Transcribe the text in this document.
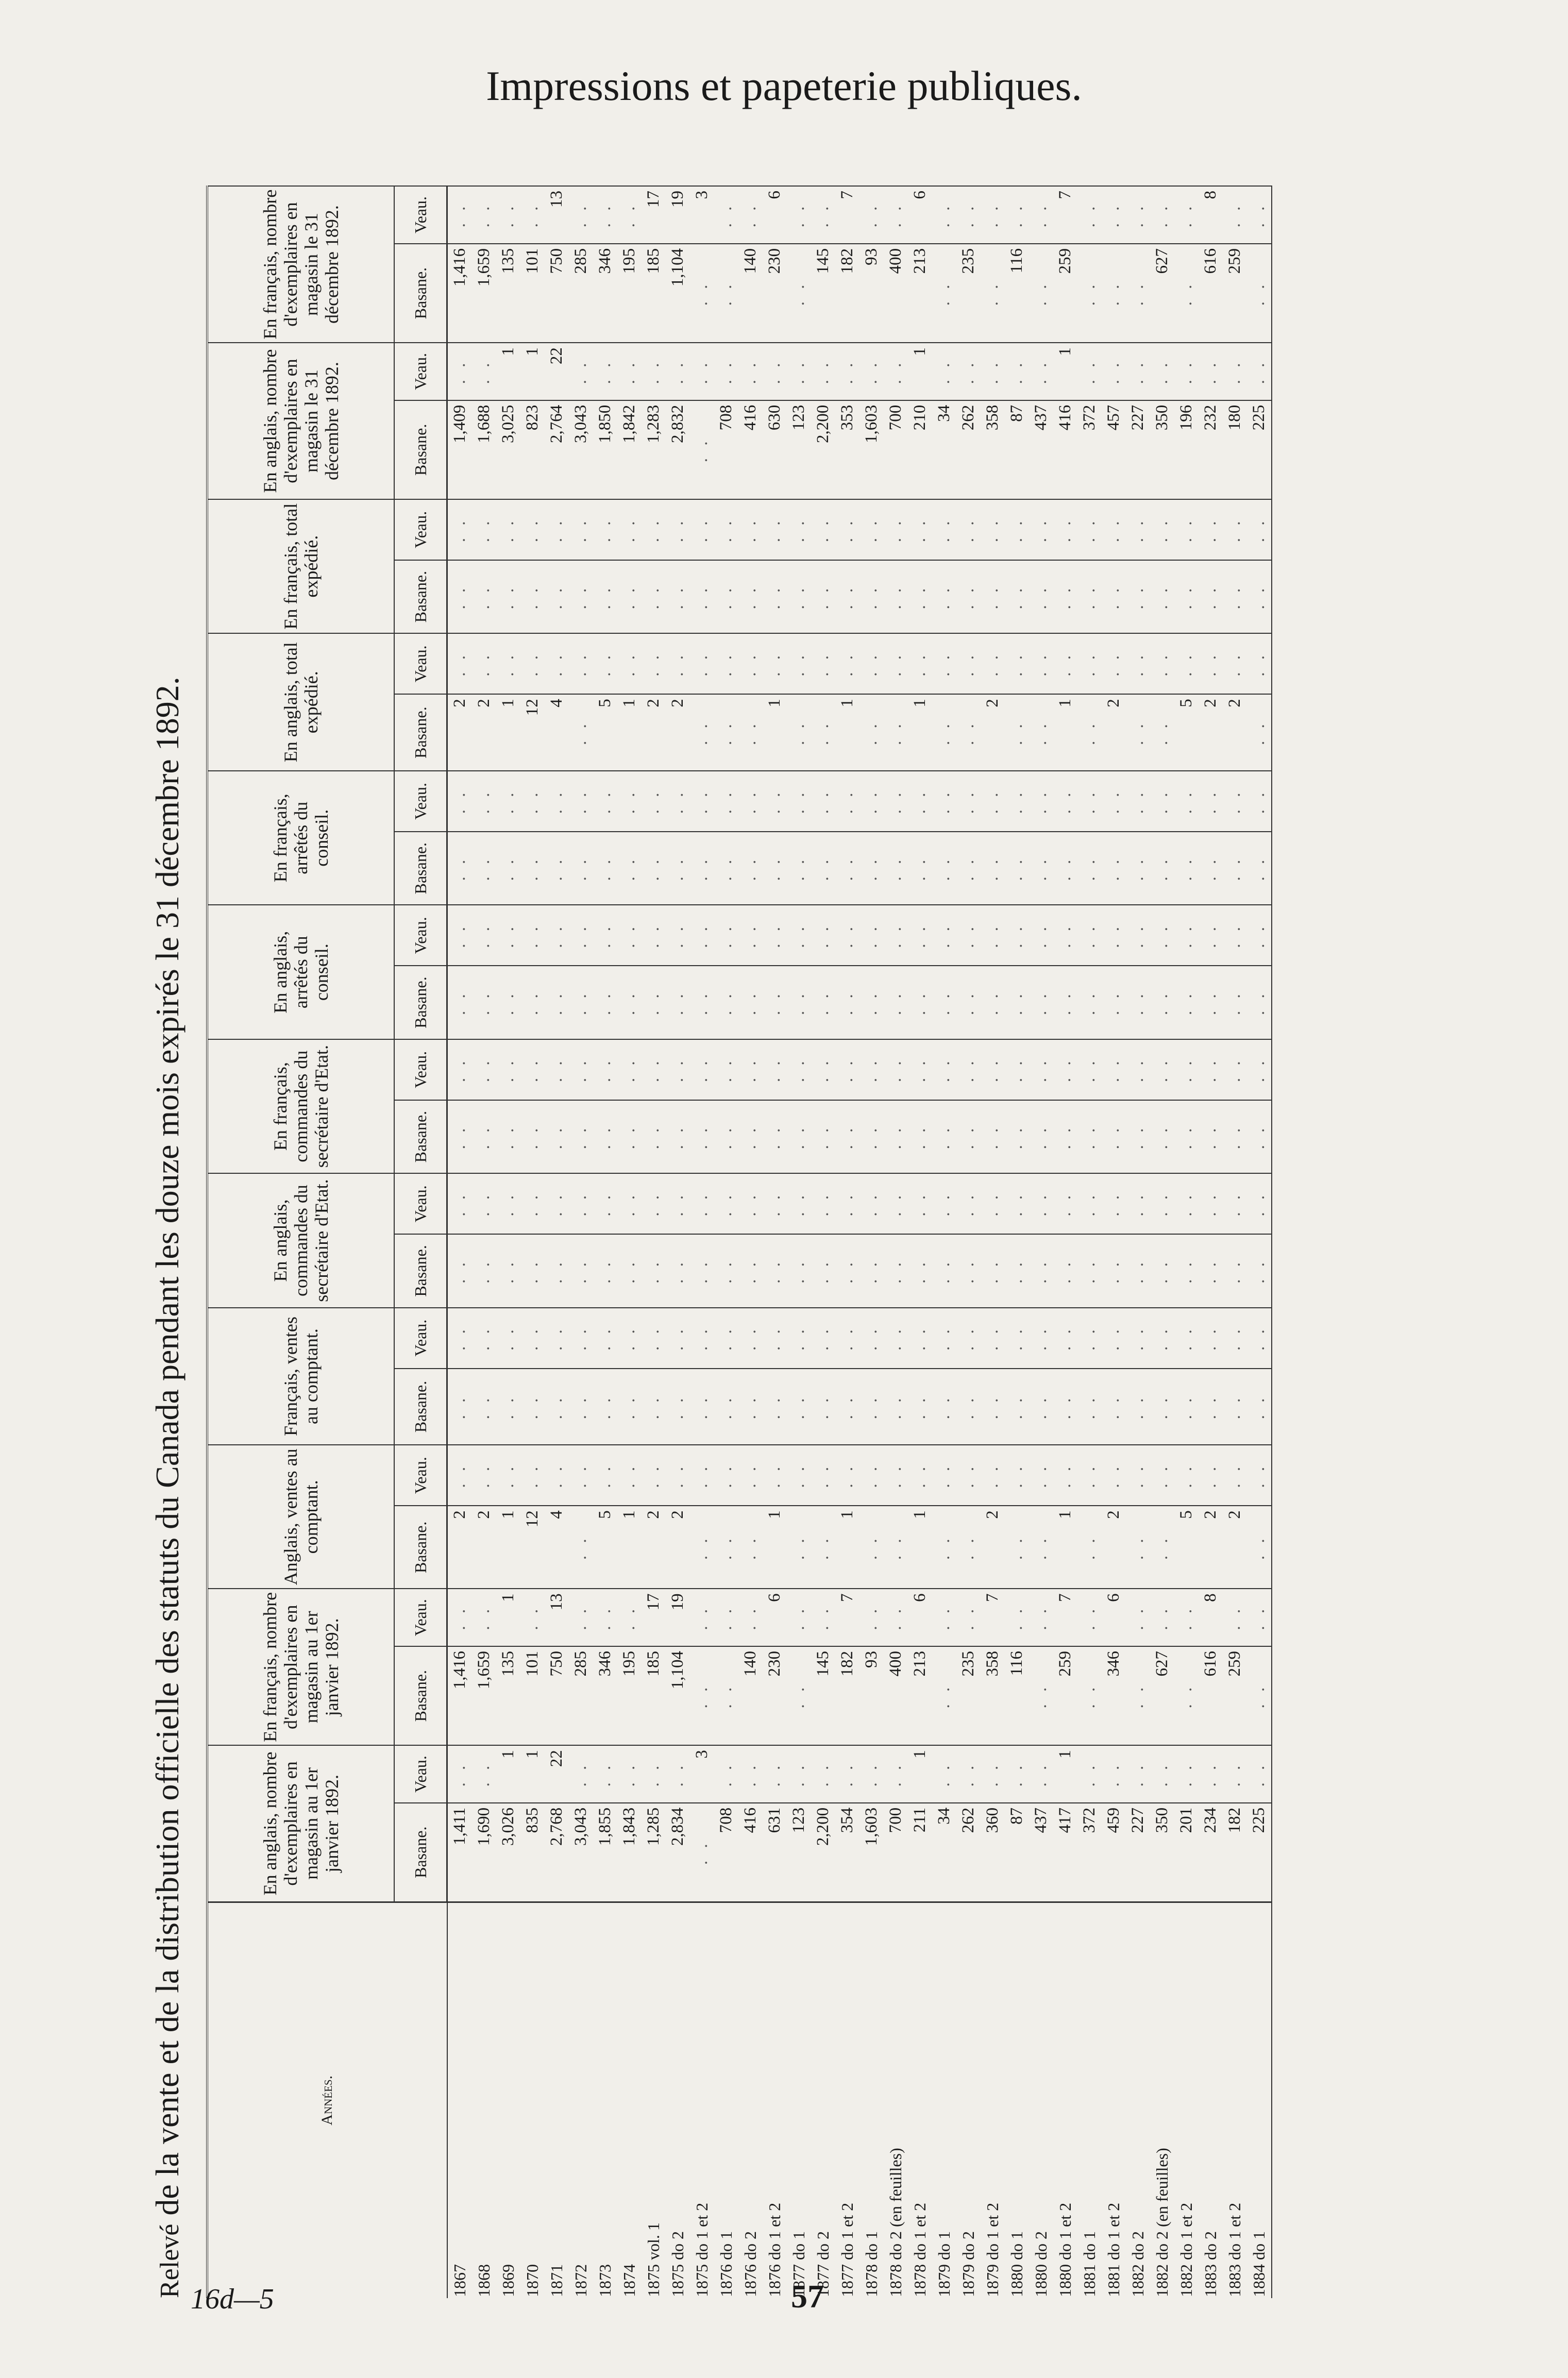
Impressions et papeterie publiques.
Relevé de la vente et de la distribution officielle des statuts du Canada pendant les douze mois expirés le 31 décembre 1892.	Années.	En anglais, nombre d'exemplaires en magasin au 1er janvier 1892.		En français, nombre d'exemplaires en magasin au 1er janvier 1892.		Anglais, ventes au comptant.		Français, ventes au comptant.		En anglais, commandes du secrétaire d'Etat.		En français, commandes du secrétaire d'Etat.		En anglais, arrêtés du conseil.		En français, arrêtés du conseil.		En anglais, total expédié.		En français, total expédié.		En anglais, nombre d'exemplaires en magasin le 31 décembre 1892.		En français, nombre d'exemplaires en magasin le 31 décembre 1892.	
	Basane.	Veau.	Basane.	Veau.	Basane.	Veau.	Basane.	Veau.	Basane.	Veau.	Basane.	Veau.	Basane.	Veau.	Basane.	Veau.	Basane.	Veau.	Basane.	Veau.	Basane.	Veau.	Basane.	Veau.
1867	1,411	. .	1,416	. .	2	. .	. .	. .	. .	. .	. .	. .	. .	. .	. .	. .	2	. .	. .	. .	1,409	. .	1,416	. .
1868	1,690	. .	1,659	. .	2	. .	. .	. .	. .	. .	. .	. .	. .	. .	. .	. .	2	. .	. .	. .	1,688	. .	1,659	. .
1869	3,026	1	135	1	1	. .	. .	. .	. .	. .	. .	. .	. .	. .	. .	. .	1	. .	. .	. .	3,025	1	135	. .
1870	835	1	101	. .	12	. .	. .	. .	. .	. .	. .	. .	. .	. .	. .	. .	12	. .	. .	. .	823	1	101	. .
1871	2,768	22	750	13	4	. .	. .	. .	. .	. .	. .	. .	. .	. .	. .	. .	4	. .	. .	. .	2,764	22	750	13
1872	3,043	. .	285	. .	. .	. .	. .	. .	. .	. .	. .	. .	. .	. .	. .	. .	. .	. .	. .	. .	3,043	. .	285	. .
1873	1,855	. .	346	. .	5	. .	. .	. .	. .	. .	. .	. .	. .	. .	. .	. .	5	. .	. .	. .	1,850	. .	346	. .
1874	1,843	. .	195	. .	1	. .	. .	. .	. .	. .	. .	. .	. .	. .	. .	. .	1	. .	. .	. .	1,842	. .	195	. .
1875 vol. 1	1,285	. .	185	17	2	. .	. .	. .	. .	. .	. .	. .	. .	. .	. .	. .	2	. .	. .	. .	1,283	. .	185	17
1875 do 2	2,834	. .	1,104	19	2	. .	. .	. .	. .	. .	. .	. .	. .	. .	. .	. .	2	. .	. .	. .	2,832	. .	1,104	19
1875 do 1 et 2	. .	3	. .	. .	. .	. .	. .	. .	. .	. .	. .	. .	. .	. .	. .	. .	. .	. .	. .	. .	. .	. .	. .	3
1876 do 1	708	. .	. .	. .	. .	. .	. .	. .	. .	. .	. .	. .	. .	. .	. .	. .	. .	. .	. .	. .	708	. .	. .	. .
1876 do 2	416	. .	140	. .	. .	. .	. .	. .	. .	. .	. .	. .	. .	. .	. .	. .	. .	. .	. .	. .	416	. .	140	. .
1876 do 1 et 2	631	. .	230	6	1	. .	. .	. .	. .	. .	. .	. .	. .	. .	. .	. .	1	. .	. .	. .	630	. .	230	6
1877 do 1	123	. .	. .	. .	. .	. .	. .	. .	. .	. .	. .	. .	. .	. .	. .	. .	. .	. .	. .	. .	123	. .	. .	. .
1877 do 2	2,200	. .	145	. .	. .	. .	. .	. .	. .	. .	. .	. .	. .	. .	. .	. .	. .	. .	. .	. .	2,200	. .	145	. .
1877 do 1 et 2	354	. .	182	7	1	. .	. .	. .	. .	. .	. .	. .	. .	. .	. .	. .	1	. .	. .	. .	353	. .	182	7
1878 do 1	1,603	. .	93	. .	. .	. .	. .	. .	. .	. .	. .	. .	. .	. .	. .	. .	. .	. .	. .	. .	1,603	. .	93	. .
1878 do 2 (en feuilles)	700	. .	400	. .	. .	. .	. .	. .	. .	. .	. .	. .	. .	. .	. .	. .	. .	. .	. .	. .	700	. .	400	. .
1878 do 1 et 2	211	1	213	6	1	. .	. .	. .	. .	. .	. .	. .	. .	. .	. .	. .	1	. .	. .	. .	210	1	213	6
1879 do 1	34	. .	. .	. .	. .	. .	. .	. .	. .	. .	. .	. .	. .	. .	. .	. .	. .	. .	. .	. .	34	. .	. .	. .
1879 do 2	262	. .	235	. .	. .	. .	. .	. .	. .	. .	. .	. .	. .	. .	. .	. .	. .	. .	. .	. .	262	. .	235	. .
1879 do 1 et 2	360	. .	358	7	2	. .	. .	. .	. .	. .	. .	. .	. .	. .	. .	. .	2	. .	. .	. .	358	. .	. .	. .
1880 do 1	87	. .	116	. .	. .	. .	. .	. .	. .	. .	. .	. .	. .	. .	. .	. .	. .	. .	. .	. .	87	. .	116	. .
1880 do 2	437	. .	. .	. .	. .	. .	. .	. .	. .	. .	. .	. .	. .	. .	. .	. .	. .	. .	. .	. .	437	. .	. .	. .
1880 do 1 et 2	417	1	259	7	1	. .	. .	. .	. .	. .	. .	. .	. .	. .	. .	. .	1	. .	. .	. .	416	1	259	7
1881 do 1	372	. .	. .	. .	. .	. .	. .	. .	. .	. .	. .	. .	. .	. .	. .	. .	. .	. .	. .	. .	372	. .	. .	. .
1881 do 1 et 2	459	. .	346	6	2	. .	. .	. .	. .	. .	. .	. .	. .	. .	. .	. .	2	. .	. .	. .	457	. .	. .	. .
1882 do 2	227	. .	. .	. .	. .	. .	. .	. .	. .	. .	. .	. .	. .	. .	. .	. .	. .	. .	. .	. .	227	. .	. .	. .
1882 do 2 (en feuilles)	350	. .	627	. .	. .	. .	. .	. .	. .	. .	. .	. .	. .	. .	. .	. .	. .	. .	. .	. .	350	. .	627	. .
1882 do 1 et 2	201	. .	. .	. .	5	. .	. .	. .	. .	. .	. .	. .	. .	. .	. .	. .	5	. .	. .	. .	196	. .	. .	. .
1883 do 2	234	. .	616	8	2	. .	. .	. .	. .	. .	. .	. .	. .	. .	. .	. .	2	. .	. .	. .	232	. .	616	8
1883 do 1 et 2	182	. .	259	. .	2	. .	. .	. .	. .	. .	. .	. .	. .	. .	. .	. .	2	. .	. .	. .	180	. .	259	. .
1884 do 1	225	. .	. .	. .	. .	. .	. .	. .	. .	. .	. .	. .	. .	. .	. .	. .	. .	. .	. .	. .	225	. .	. .	. .
16d—5	57
